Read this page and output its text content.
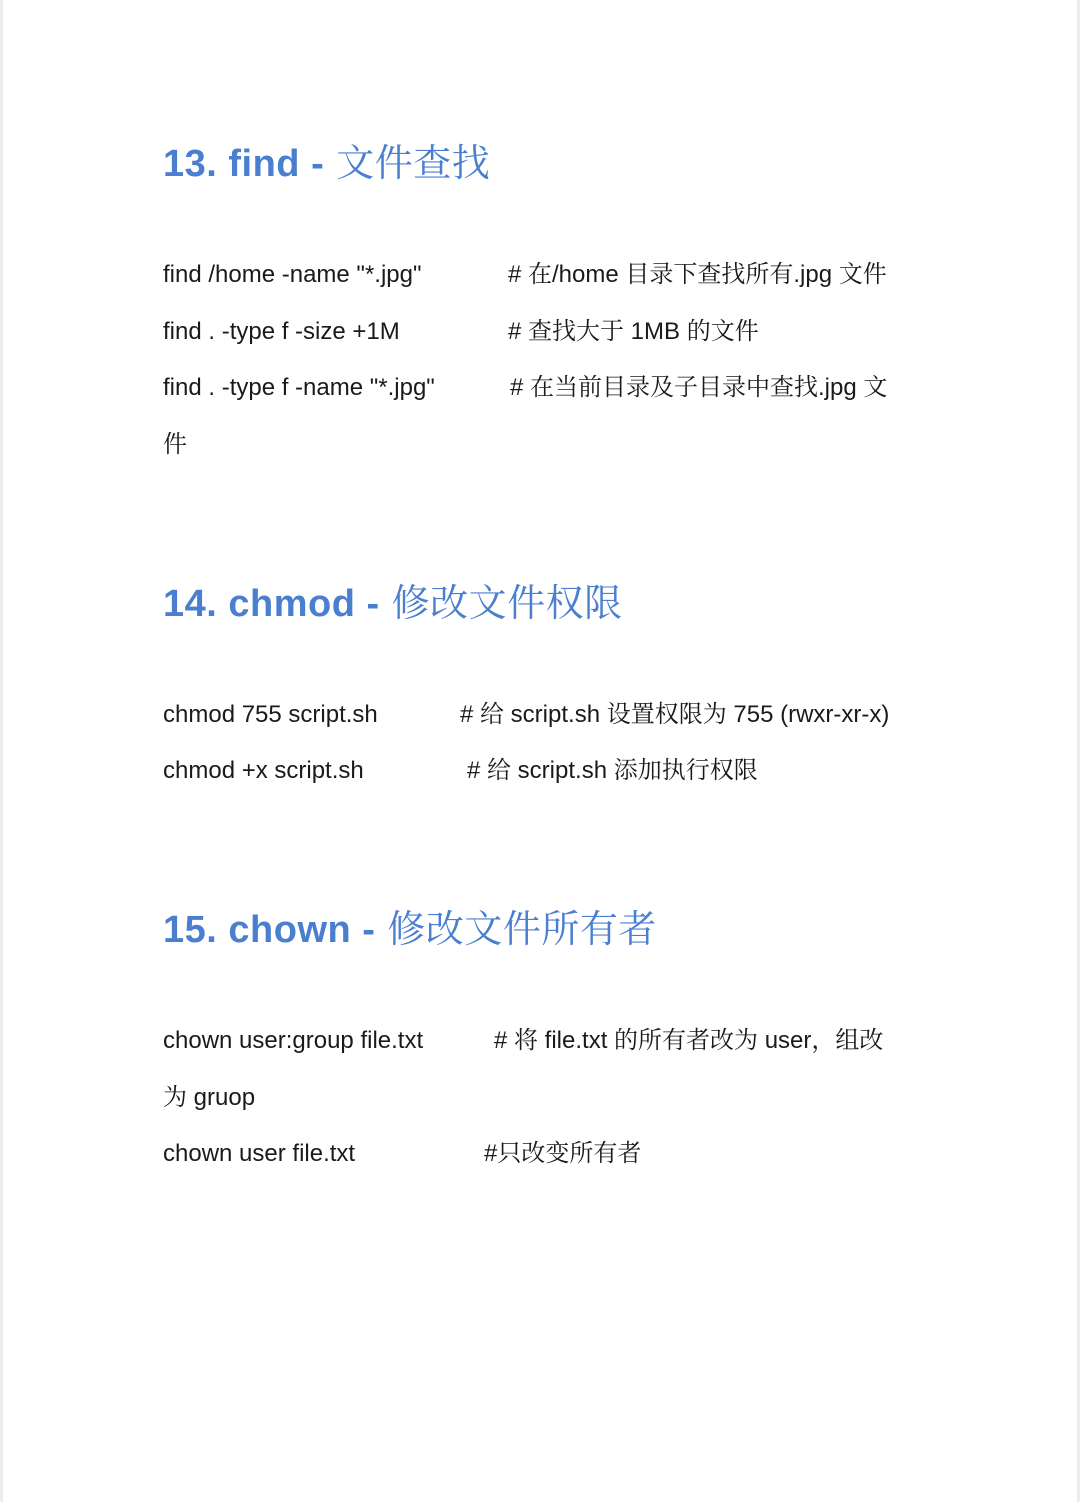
13. find - 文件查找
find /home -name "*.jpg"	# 在/home 目录下查找所有.jpg 文件
find . -type f -size +1M	# 查找大于 1MB 的文件
find . -type f -name "*.jpg"	# 在当前目录及子目录中查找.jpg 文
件
14. chmod - 修改文件权限
chmod 755 script.sh	# 给 script.sh 设置权限为 755 (rwxr-xr-x)
chmod +x script.sh	# 给 script.sh 添加执行权限
15. chown - 修改文件所有者
chown user:group file.txt	# 将 file.txt 的所有者改为 user，组改
为 gruop
chown user file.txt	#只改变所有者
